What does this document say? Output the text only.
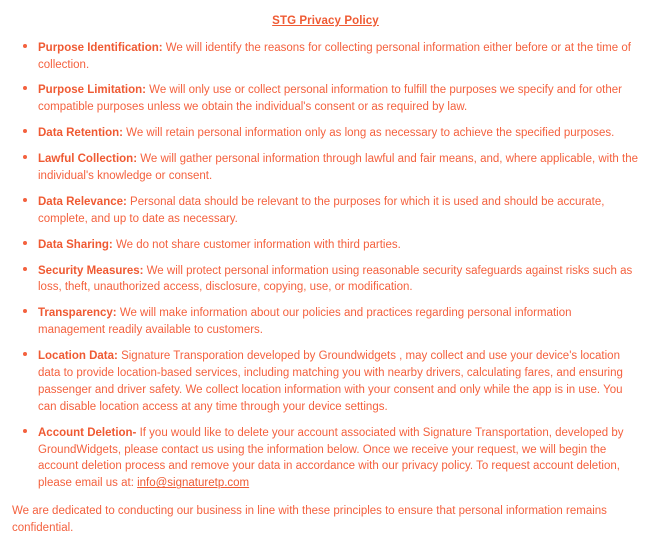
STG Privacy Policy
Purpose Identification: We will identify the reasons for collecting personal information either before or at the time of collection.
Purpose Limitation: We will only use or collect personal information to fulfill the purposes we specify and for other compatible purposes unless we obtain the individual's consent or as required by law.
Data Retention: We will retain personal information only as long as necessary to achieve the specified purposes.
Lawful Collection: We will gather personal information through lawful and fair means, and, where applicable, with the individual's knowledge or consent.
Data Relevance: Personal data should be relevant to the purposes for which it is used and should be accurate, complete, and up to date as necessary.
Data Sharing: We do not share customer information with third parties.
Security Measures: We will protect personal information using reasonable security safeguards against risks such as loss, theft, unauthorized access, disclosure, copying, use, or modification.
Transparency: We will make information about our policies and practices regarding personal information management readily available to customers.
Location Data: Signature Transporation developed by Groundwidgets , may collect and use your device's location data to provide location-based services, including matching you with nearby drivers, calculating fares, and ensuring passenger and driver safety. We collect location information with your consent and only while the app is in use. You can disable location access at any time through your device settings.
Account Deletion- If you would like to delete your account associated with Signature Transportation, developed by GroundWidgets, please contact us using the information below. Once we receive your request, we will begin the account deletion process and remove your data in accordance with our privacy policy. To request account deletion, please email us at: info@signaturetp.com
We are dedicated to conducting our business in line with these principles to ensure that personal information remains confidential.
